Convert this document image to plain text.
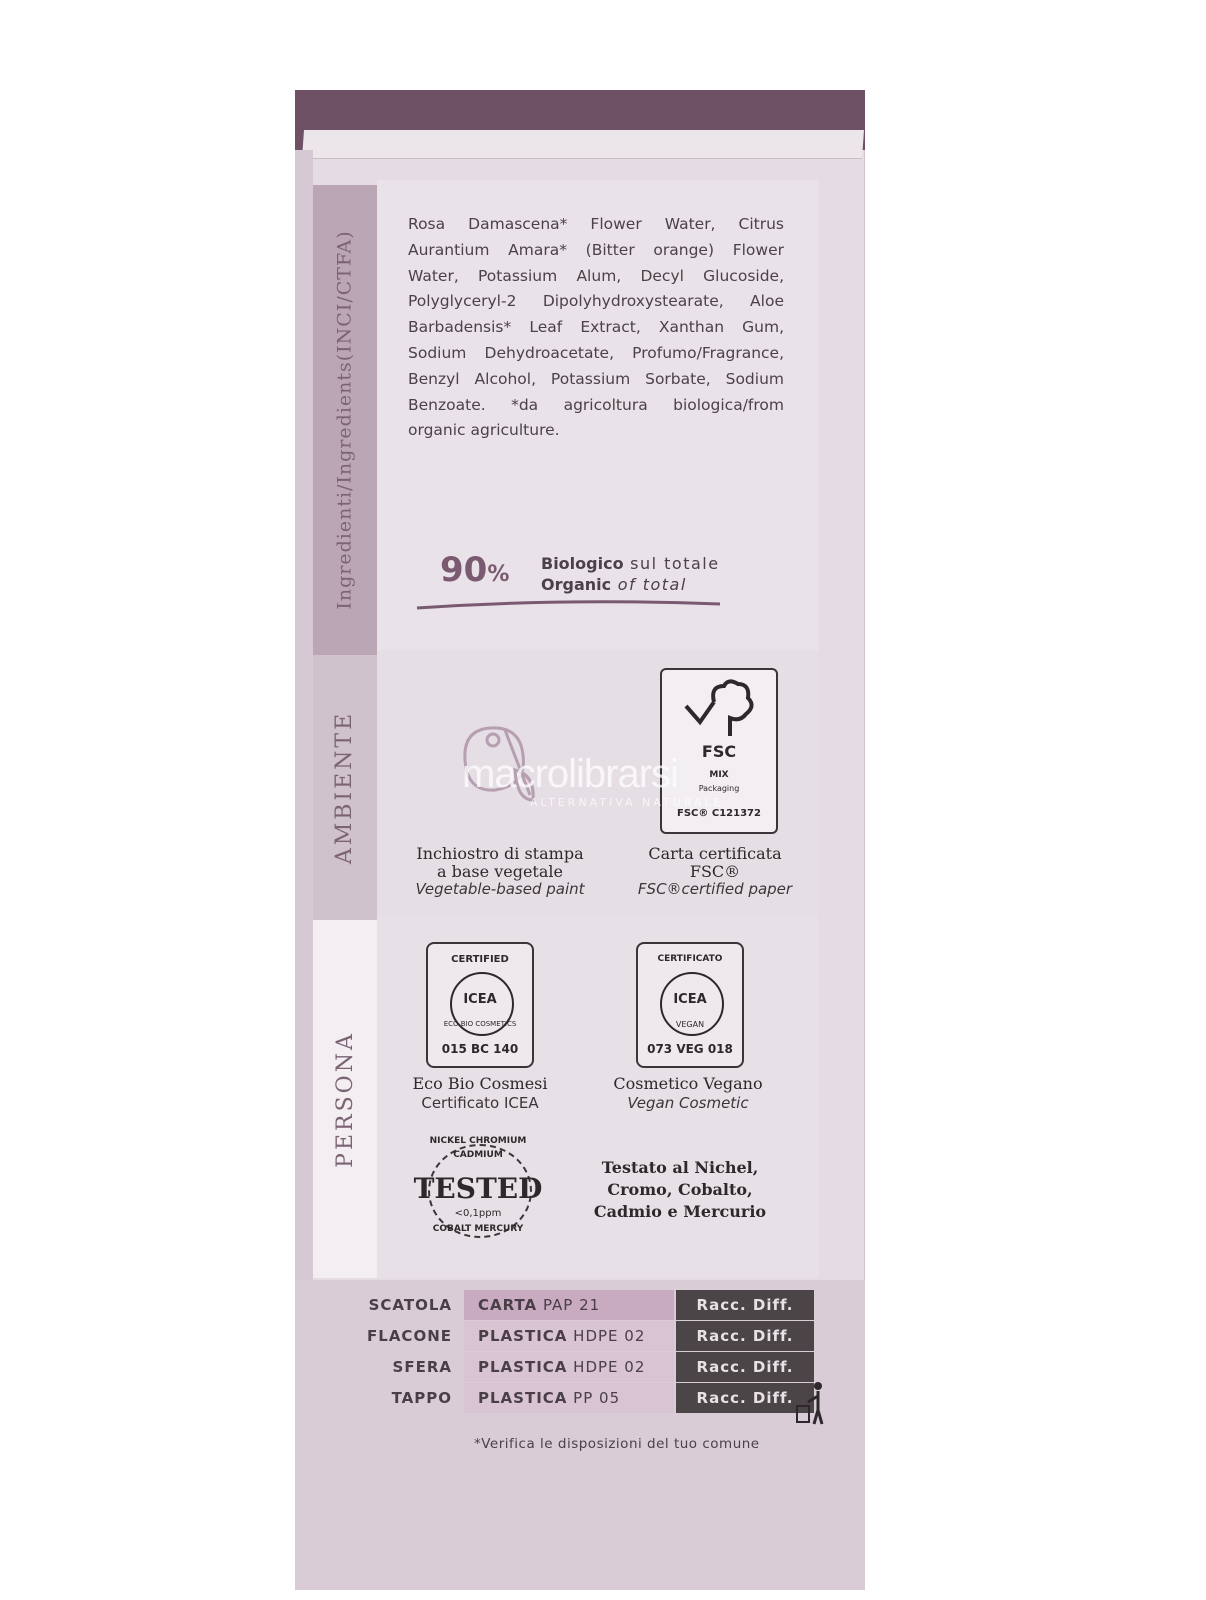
Ingredienti/Ingredients(INCI/CTFA)
AMBIENTE
PERSONA
Rosa Damascena* Flower Water, Citrus Aurantium Amara* (Bitter orange) Flower Water, Potassium Alum, Decyl Glucoside, Polyglyceryl-2 Dipolyhydroxystearate, Aloe Barbadensis* Leaf Extract, Xanthan Gum, Sodium Dehydroacetate, Profumo/Fragrance, Benzyl Alcohol, Potassium Sorbate, Sodium Benzoate. *da agricoltura biologica/from organic agriculture.
90% Biologico sul totale
Organic of total
Inchiostro di stampa
a base vegetale
Vegetable-based paint
FSC
MIX
Packaging
FSC® C121372
Carta certificata
FSC®
FSC®certified paper
macrolibrarsi
ALTERNATIVA NATURALE
CERTIFIED
ICEA
ECO BIO COSMETICS
015 BC 140
Eco Bio Cosmesi
Certificato ICEA
CERTIFICATO
ICEA
VEGAN
073 VEG 018
Cosmetico Vegano
Vegan Cosmetic
NICKEL CHROMIUM
CADMIUM
TESTED
<0,1ppm
COBALT MERCURY
Testato al Nichel,
Cromo, Cobalto,
Cadmio e Mercurio
SCATOLA	CARTA PAP 21	Racc. Diff.
FLACONE	PLASTICA HDPE 02	Racc. Diff.
SFERA	PLASTICA HDPE 02	Racc. Diff.
TAPPO	PLASTICA PP 05	Racc. Diff.
*Verifica le disposizioni del tuo comune
